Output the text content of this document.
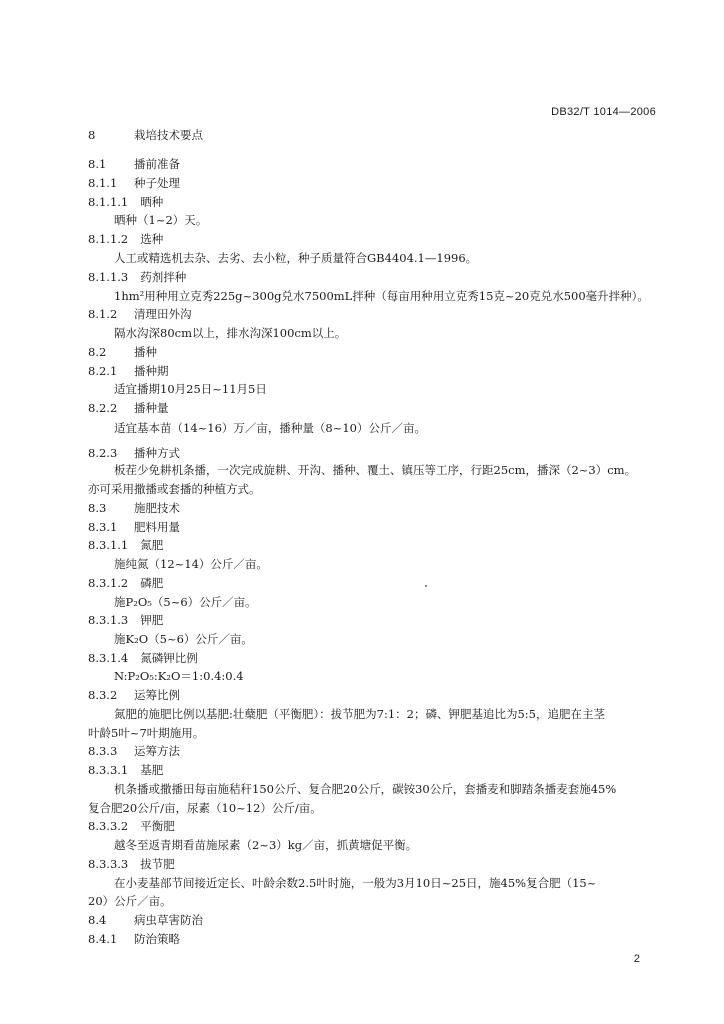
DB32/T 1014—2006
8	栽培技术要点
8.1 播前准备
8.1.1 种子处理
8.1.1.1 晒种
晒种（1~2）天。
8.1.1.2 选种
人工或精选机去杂、去劣、去小粒，种子质量符合GB4404.1—1996。
8.1.1.3 药剂拌种
1hm²用种用立克秀225g~300g兑水7500mL拌种（每亩用种用立克秀15克~20克兑水500毫升拌种）。
8.1.2 清理田外沟
隔水沟深80cm以上，排水沟深100cm以上。
8.2 播种
8.2.1 播种期
适宜播期10月25日~11月5日
8.2.2 播种量
适宜基本苗（14~16）万／亩，播种量（8~10）公斤／亩。
8.2.3 播种方式
板茬少免耕机条播，一次完成旋耕、开沟、播种、覆土、镇压等工序，行距25cm，播深（2~3）cm。
亦可采用撒播或套播的种植方式。
8.3 施肥技术
8.3.1 肥料用量
8.3.1.1 氮肥
施纯氮（12~14）公斤／亩。
8.3.1.2 磷肥
施P₂O₅（5~6）公斤／亩。
8.3.1.3 钾肥
施K₂O（5~6）公斤／亩。
8.3.1.4 氮磷钾比例
N:P₂O₅:K₂O＝1:0.4:0.4
8.3.2 运筹比例
氮肥的施肥比例以基肥:壮蘖肥（平衡肥）：拔节肥为7:1：2；磷、钾肥基追比为5:5，追肥在主茎
叶龄5叶~7叶期施用。
8.3.3 运筹方法
8.3.3.1 基肥
机条播或撒播田每亩施秸秆150公斤、复合肥20公斤，碳铵30公斤，套播麦和脚踏条播麦套施45%
复合肥20公斤/亩，尿素（10~12）公斤/亩。
8.3.3.2 平衡肥
越冬至返青期看苗施尿素（2~3）kg／亩，抓黄塘促平衡。
8.3.3.3 拔节肥
在小麦基部节间接近定长、叶龄余数2.5叶时施，一般为3月10日~25日，施45%复合肥（15~
20）公斤／亩。
8.4 病虫草害防治
8.4.1 防治策略
2
